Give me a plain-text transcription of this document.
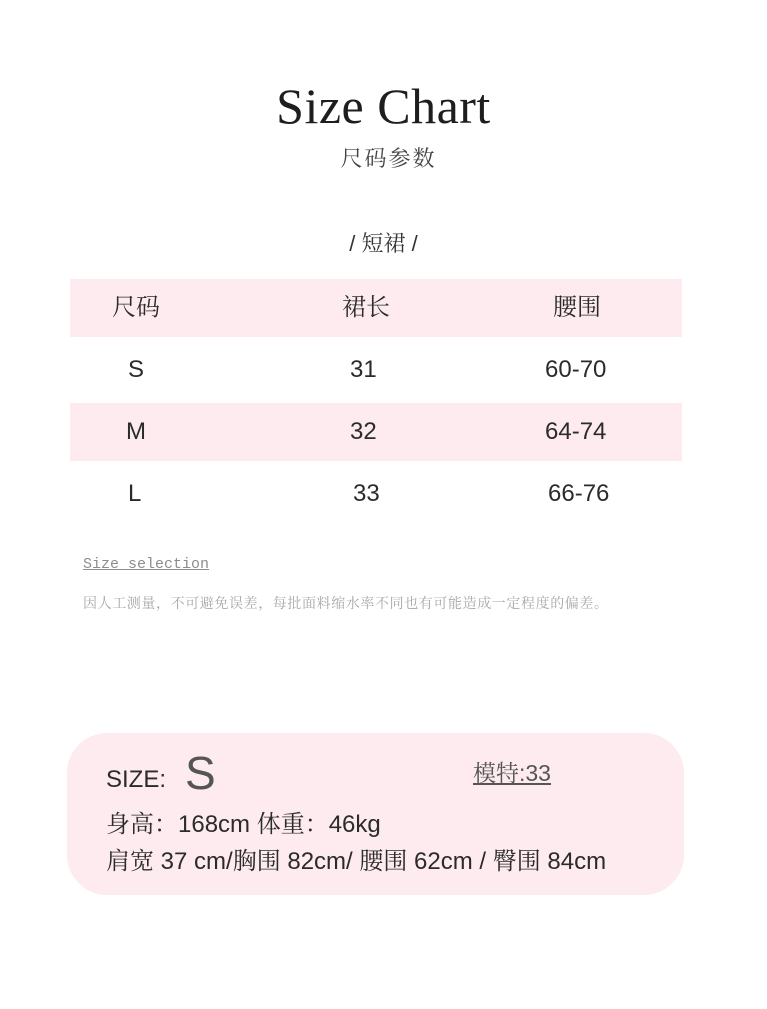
Size Chart
尺码参数
/ 短裙 /
尺码	裙长	腰围
S	31	60-70
M	32	64-74
L	33	66-76
Size selection
因人工测量，不可避免误差，每批面料缩水率不同也有可能造成一定程度的偏差。
SIZE: S	模特:33
身高：168cm 体重：46kg
肩宽 37 cm/胸围 82cm/ 腰围 62cm / 臀围 84cm
